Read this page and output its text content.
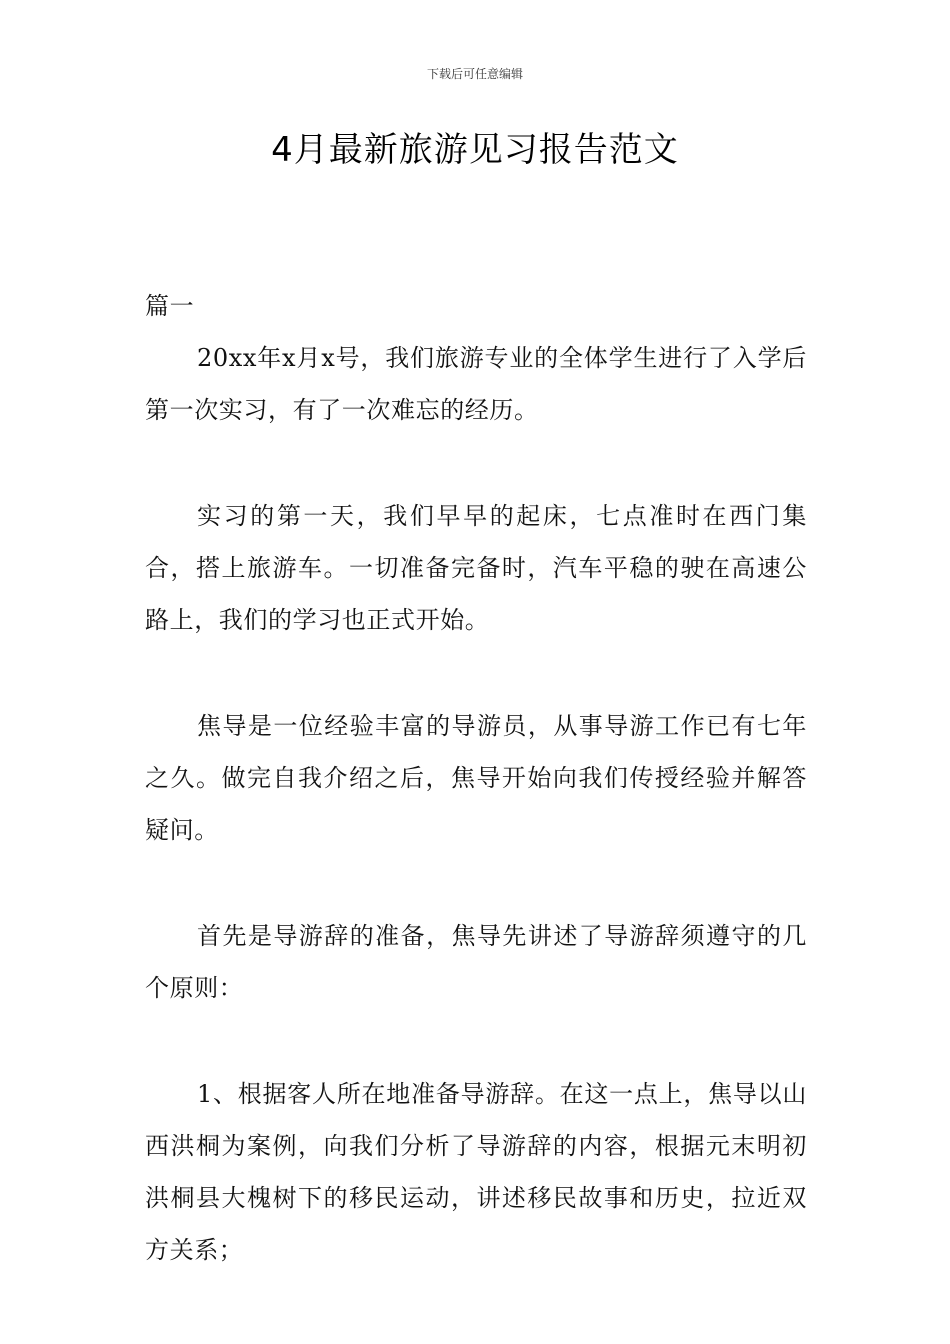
下载后可任意编辑
4月最新旅游见习报告范文

篇一

20xx年x月x号，我们旅游专业的全体学生进行了入学后第一次实习，有了一次难忘的经历。

实习的第一天，我们早早的起床，七点准时在西门集合，搭上旅游车。一切准备完备时，汽车平稳的驶在高速公路上，我们的学习也正式开始。

焦导是一位经验丰富的导游员，从事导游工作已有七年之久。做完自我介绍之后，焦导开始向我们传授经验并解答疑问。

首先是导游辞的准备，焦导先讲述了导游辞须遵守的几个原则：

1、根据客人所在地准备导游辞。在这一点上，焦导以山西洪桐为案例，向我们分析了导游辞的内容，根据元末明初洪桐县大槐树下的移民运动，讲述移民故事和历史，拉近双方关系；
